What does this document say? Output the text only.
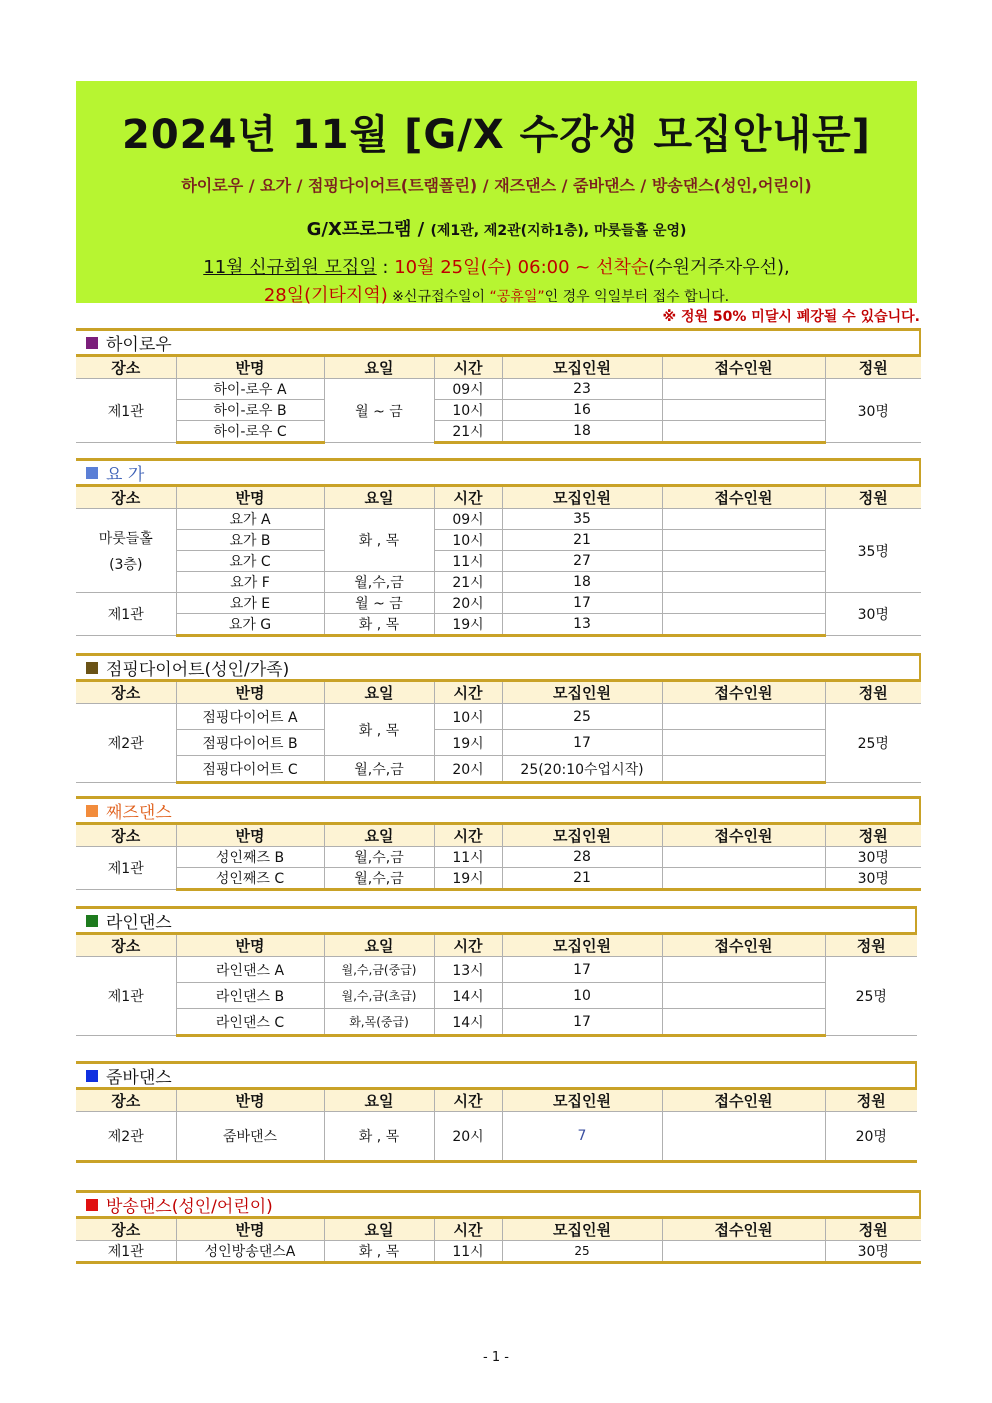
2024년 11월 [G/X 수강생 모집안내문]
하이로우 / 요가 / 점핑다이어트(트램폴린) / 재즈댄스 / 줌바댄스 / 방송댄스(성인,어린이)
G/X프로그램 / (제1관, 제2관(지하1층), 마룻들홀 운영)
11월 신규회원 모집일 : 10월 25일(수) 06:00 ~ 선착순(수원거주자우선),
28일(기타지역) ※신규접수일이 “공휴일”인 경우 익일부터 접수 합니다.
※ 정원 50% 미달시 폐강될 수 있습니다.
하이로우
장소	반명	요일	시간	모집인원	접수인원	정원
제1관	하이-로우 A	월 ~ 금	09시	23		30명
	하이-로우 B		10시	16		
	하이-로우 C		21시	18		
요 가
장소	반명	요일	시간	모집인원	접수인원	정원

마룻들홀
(3층)	요가 A	화 , 목	09시	35		35명
	요가 B		10시	21		
	요가 C		11시	27		
	요가 F	월,수,금	21시	18		
제1관	요가 E	월 ~ 금	20시	17		30명
	요가 G	화 , 목	19시	13		
점핑다이어트(성인/가족)
장소	반명	요일	시간	모집인원	접수인원	정원
제2관	점핑다이어트 A	화 , 목	10시	25		25명
	점핑다이어트 B		19시	17		
	점핑다이어트 C	월,수,금	20시	25(20:10수업시작)		
째즈댄스
장소	반명	요일	시간	모집인원	접수인원	정원
제1관	성인째즈 B	월,수,금	11시	28		30명
	성인째즈 C	월,수,금	19시	21		30명
라인댄스
장소	반명	요일	시간	모집인원	접수인원	정원
제1관	라인댄스 A	월,수,금(중급)	13시	17		25명
	라인댄스 B	월,수,금(초급)	14시	10		
	라인댄스 C	화,목(중급)	14시	17		
줌바댄스
장소	반명	요일	시간	모집인원	접수인원	정원
제2관	줌바댄스	화 , 목	20시	7		20명
방송댄스(성인/어린이)
장소	반명	요일	시간	모집인원	접수인원	정원
제1관	성인방송댄스A	화 , 목	11시	25		30명
- 1 -
